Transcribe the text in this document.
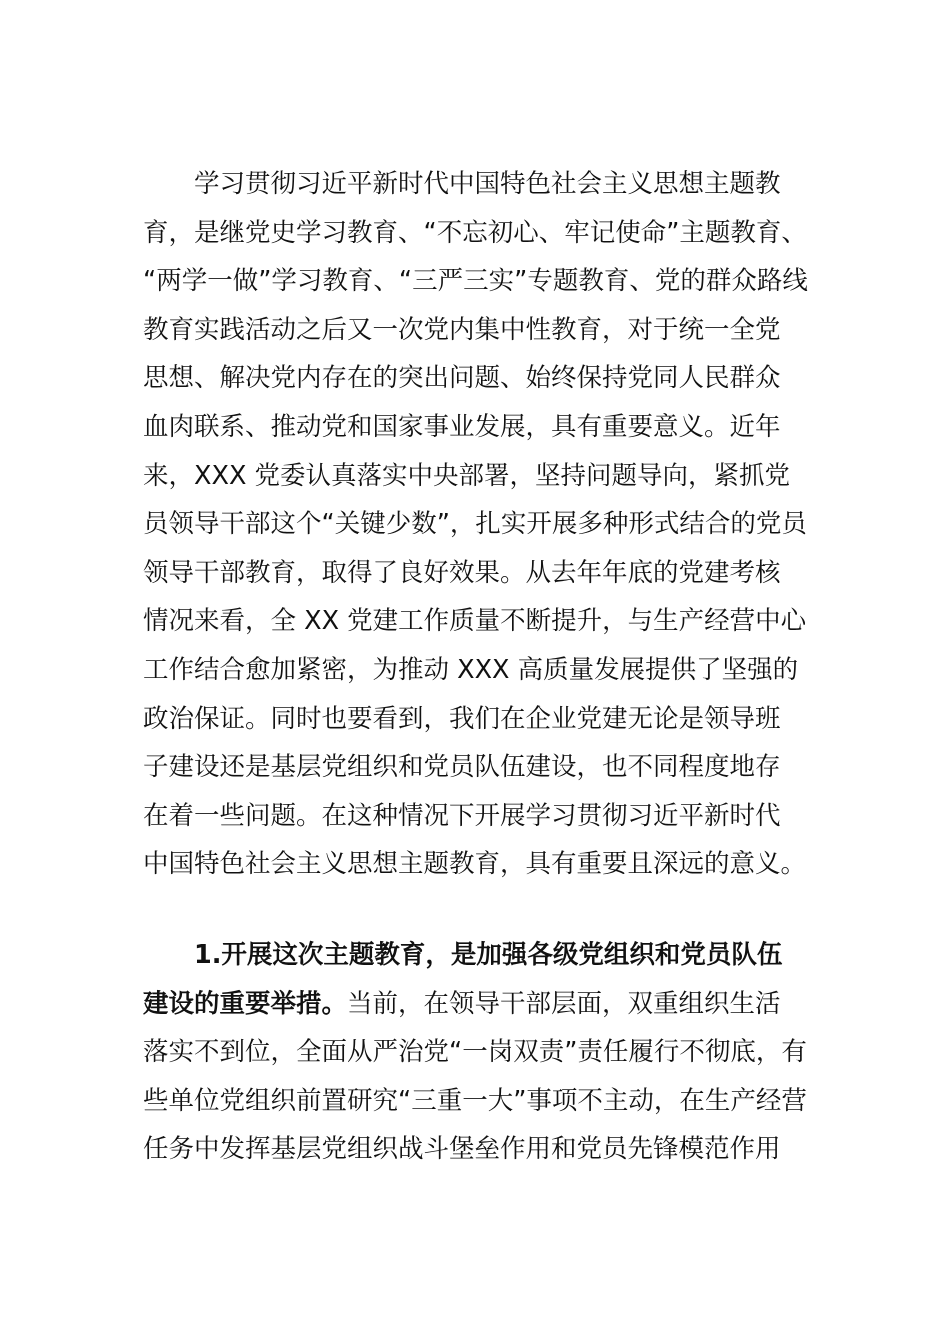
学习贯彻习近平新时代中国特色社会主义思想主题教
育，是继党史学习教育、“不忘初心、牢记使命”主题教育、
“两学一做”学习教育、“三严三实”专题教育、党的群众路线
教育实践活动之后又一次党内集中性教育，对于统一全党
思想、解决党内存在的突出问题、始终保持党同人民群众
血肉联系、推动党和国家事业发展，具有重要意义。近年
来，XXX 党委认真落实中央部署，坚持问题导向，紧抓党
员领导干部这个“关键少数”，扎实开展多种形式结合的党员
领导干部教育，取得了良好效果。从去年年底的党建考核
情况来看，全 XX 党建工作质量不断提升，与生产经营中心
工作结合愈加紧密，为推动 XXX 高质量发展提供了坚强的
政治保证。同时也要看到，我们在企业党建无论是领导班
子建设还是基层党组织和党员队伍建设，也不同程度地存
在着一些问题。在这种情况下开展学习贯彻习近平新时代
中国特色社会主义思想主题教育，具有重要且深远的意义。

1.开展这次主题教育，是加强各级党组织和党员队伍
建设的重要举措。当前，在领导干部层面，双重组织生活
落实不到位，全面从严治党“一岗双责”责任履行不彻底，有
些单位党组织前置研究“三重一大”事项不主动，在生产经营
任务中发挥基层党组织战斗堡垒作用和党员先锋模范作用
